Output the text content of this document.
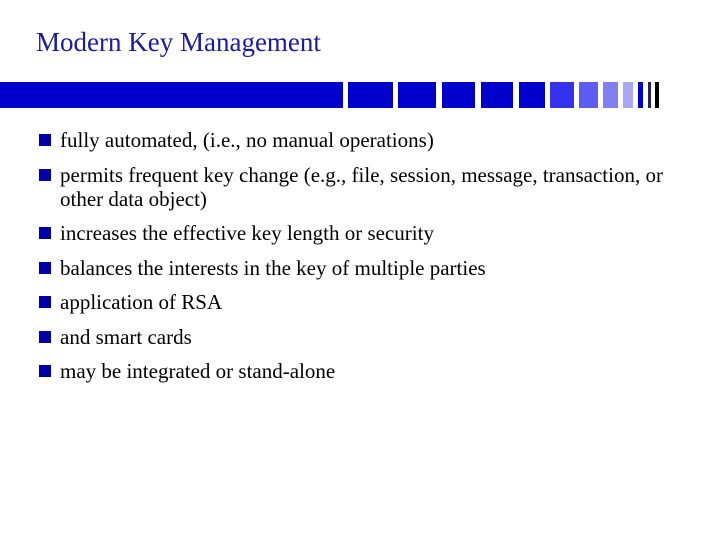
Modern Key Management
fully automated, (i.e., no manual operations)
permits frequent key change (e.g., file, session, message, transaction, or other data object)
increases the effective key length or security
balances the interests in the key of multiple parties
application of RSA
and smart cards
may be integrated or stand-alone
